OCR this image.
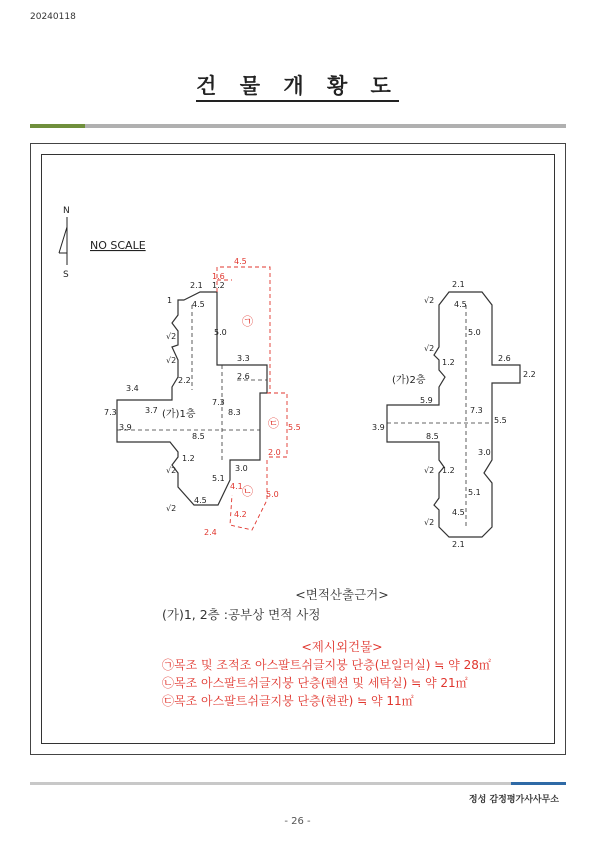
20240118
건 물 개 황 도
N
S
NO SCALE
㉠
㉢
㉡
(가)1층
2.1
4.5
1.2
1.6
4.5
5.0
3.3
2.6
3.4
2.2
7.3	3.7
7.3
8.3
3.9
8.5
5.5
2.0
1.2
3.0
5.1
4.1
5.0
4.5
4.2
2.4
1
√2
√2
√2
√2
(가)2층
2.1
4.5
5.0
1.2	2.6
2.2
5.9
7.3
5.5
3.9
8.5
3.0
1.2
5.1
4.5
2.1
√2
√2
√2
√2
<면적산출근거>
(가)1, 2층 :공부상 면적 사정
<제시외건물>
㉠목조 및 조적조 아스팔트쉬글지붕 단층(보일러실) ≒ 약 28㎡
㉡목조 아스팔트쉬글지붕 단층(펜션 및 세탁실) ≒ 약 21㎡
㉢목조 아스팔트쉬글지붕 단층(현관) ≒ 약 11㎡
정성 감정평가사사무소
- 26 -
